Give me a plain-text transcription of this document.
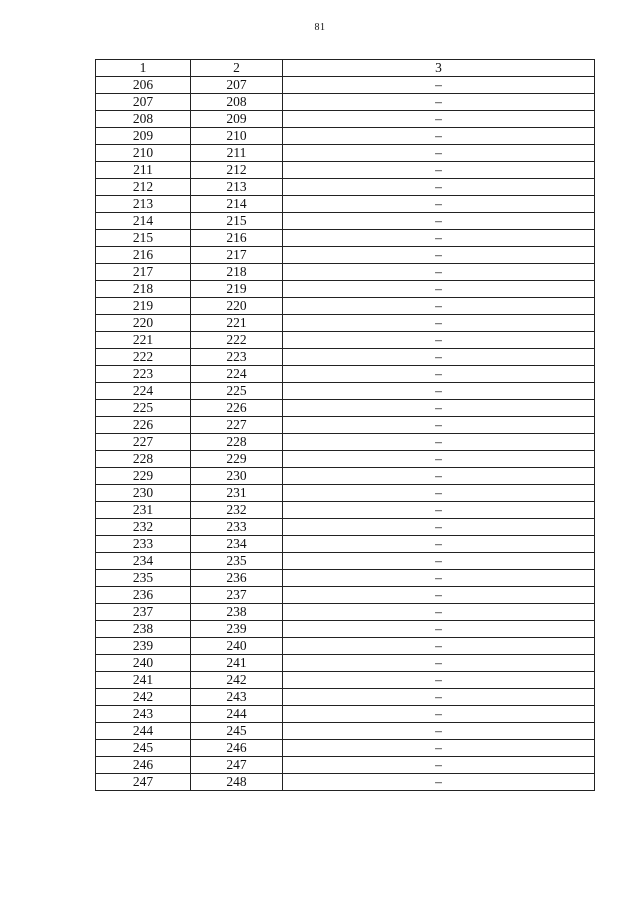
81
1	2	3
206	207	–
207	208	–
208	209	–
209	210	–
210	211	–
211	212	–
212	213	–
213	214	–
214	215	–
215	216	–
216	217	–
217	218	–
218	219	–
219	220	–
220	221	–
221	222	–
222	223	–
223	224	–
224	225	–
225	226	–
226	227	–
227	228	–
228	229	–
229	230	–
230	231	–
231	232	–
232	233	–
233	234	–
234	235	–
235	236	–
236	237	–
237	238	–
238	239	–
239	240	–
240	241	–
241	242	–
242	243	–
243	244	–
244	245	–
245	246	–
246	247	–
247	248	–
